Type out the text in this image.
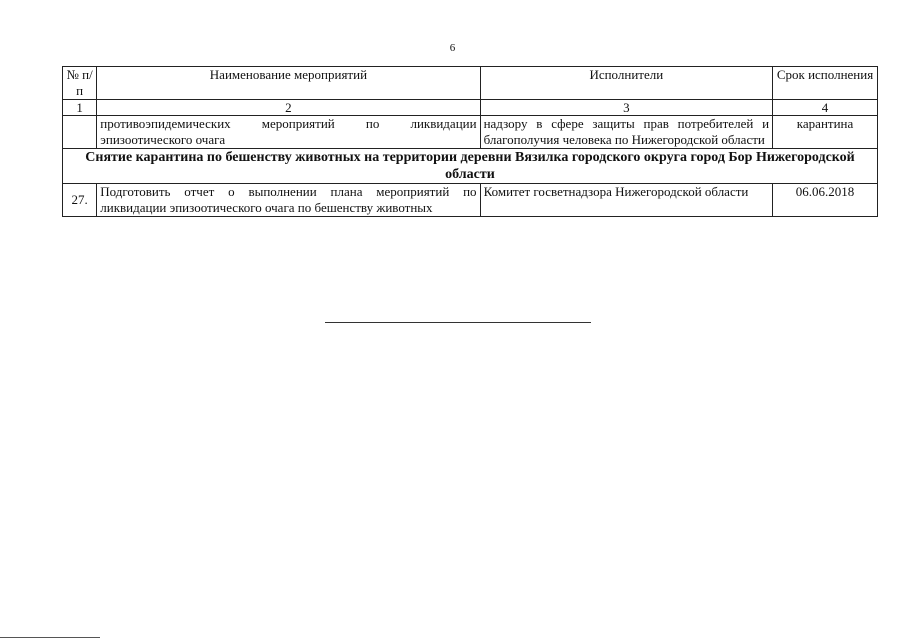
6
№ п/п	Наименование мероприятий	Исполнители	Срок исполнения
1	2	3	4
	противоэпидемических мероприятий по ликвидации эпизоотического очага	надзору в сфере защиты прав потребителей и благополучия человека по Нижегородской области	карантина
Снятие карантина по бешенству животных на территории деревни Вязилка городского округа город Бор Нижегородской области			
27.	Подготовить отчет о выполнении плана мероприятий по ликвидации эпизоотического очага по бешенству животных	Комитет госветнадзора Нижегородской области	06.06.2018
